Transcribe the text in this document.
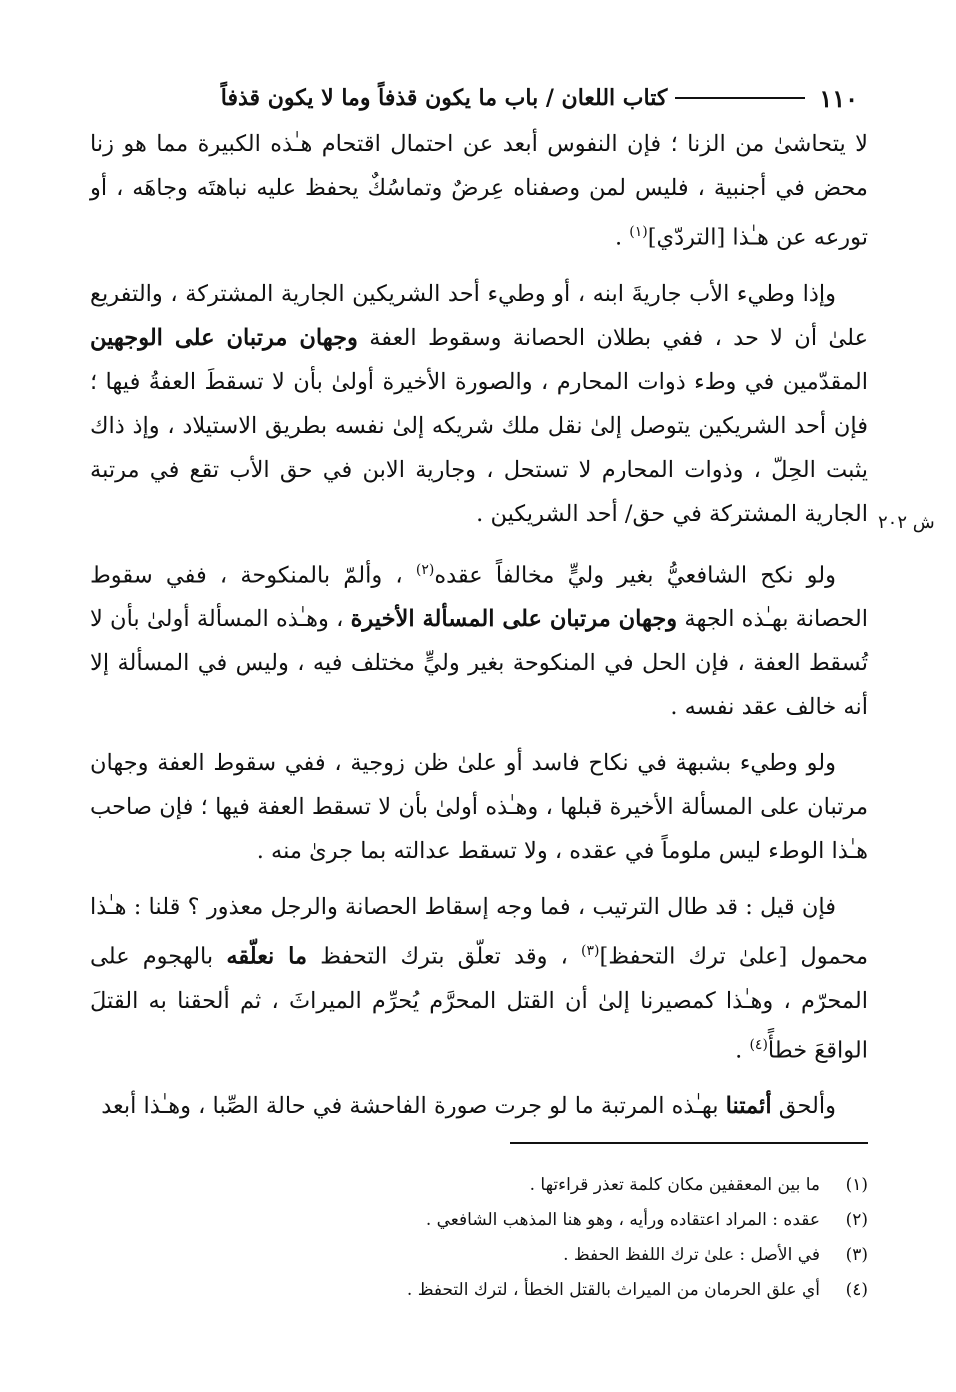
١١٠
كتاب اللعان / باب ما يكون قذفاً وما لا يكون قذفاً
ش ٢٠٢

لا يتحاشىٰ من الزنا ؛ فإن النفوس أبعد عن احتمال اقتحام هـٰذه الكبيرة مما هو زنا محض في أجنبية ، فليس لمن وصفناه عِرضٌ وتماسُكٌ يحفظ عليه نباهتَه وجاهَه ، أو تورعه عن هـٰذا [التردّي]$^{(١)}$ .

وإذا وطيء الأب جاريةَ ابنه ، أو وطيء أحد الشريكين الجارية المشتركة ، والتفريع علىٰ أن لا حد ، ففي بطلان الحصانة وسقوط العفة وجهان مرتبان على الوجهين المقدّمين في وطء ذوات المحارم ، والصورة الأخيرة أولىٰ بأن لا تسقطَ العفةُ فيها ؛ فإن أحد الشريكين يتوصل إلىٰ نقل ملك شريكه إلىٰ نفسه بطريق الاستيلاد ، وإذ ذاك يثبت الحِلّ ، وذوات المحارم لا تستحل ، وجارية الابن في حق الأب تقع في مرتبة الجارية المشتركة في حق/ أحد الشريكين .

ولو نكح الشافعيُّ بغير وليٍّ مخالفاً عقده$^{(٢)}$ ، وألمّ بالمنكوحة ، ففي سقوط الحصانة بهـٰذه الجهة وجهان مرتبان على المسألة الأخيرة ، وهـٰذه المسألة أولىٰ بأن لا تُسقط العفة ، فإن الحل في المنكوحة بغير وليٍّ مختلف فيه ، وليس في المسألة إلا أنه خالف عقد نفسه .

ولو وطيء بشبهة في نكاح فاسد أو علىٰ ظن زوجية ، ففي سقوط العفة وجهان مرتبان على المسألة الأخيرة قبلها ، وهـٰذه أولىٰ بأن لا تسقط العفة فيها ؛ فإن صاحب هـٰذا الوطء ليس ملوماً في عقده ، ولا تسقط عدالته بما جرىٰ منه .

فإن قيل : قد طال الترتيب ، فما وجه إسقاط الحصانة والرجل معذور ؟ قلنا : هـٰذا محمول [علىٰ ترك التحفظ]$^{(٣)}$ ، وقد تعلّق بترك التحفظ ما نعلّقه بالهجوم على المحرّم ، وهـٰذا كمصيرنا إلىٰ أن القتل المحرَّم يُحرِّم الميراثَ ، ثم ألحقنا به القتلَ الواقعَ خطأً$^{(٤)}$ .

وألحق أئمتنا بهـٰذه المرتبة ما لو جرت صورة الفاحشة في حالة الصِّبا ، وهـٰذا أبعد

(١)
ما بين المعقفين مكان كلمة تعذر قراءتها .
(٢)
عقده : المراد اعتقاده ورأيه ، وهو هنا المذهب الشافعي .
(٣)
في الأصل : علىٰ ترك اللفظ الحفظ .
(٤)
أي علق الحرمان من الميراث بالقتل الخطأ ، لترك التحفظ .
